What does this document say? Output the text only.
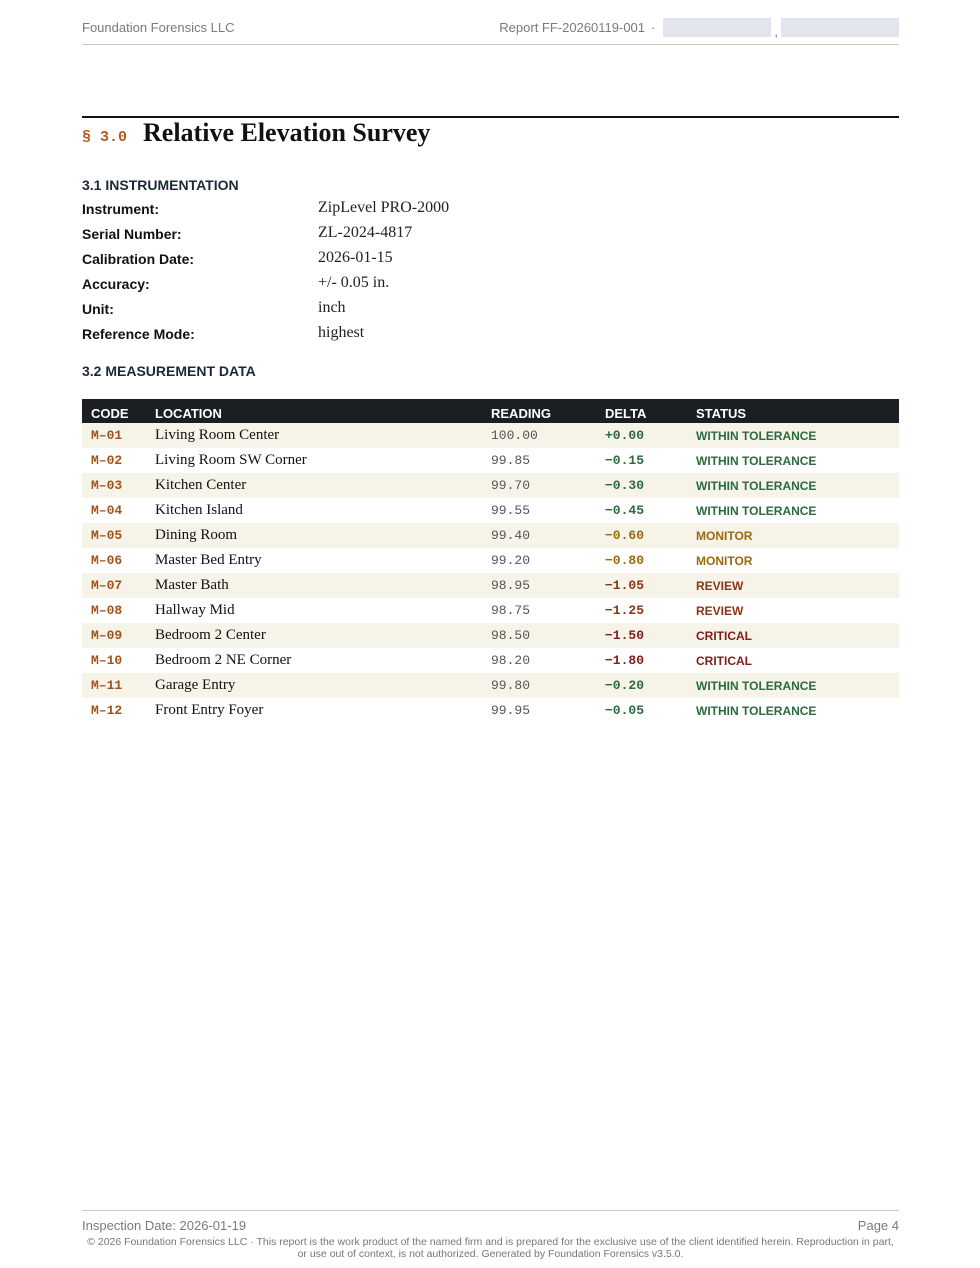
Foundation Forensics LLC	Report FF-20260119-001 ·	,
§ 3.0 Relative Elevation Survey
3.1 INSTRUMENTATION
Instrument:	ZipLevel PRO-2000
Serial Number:	ZL-2024-4817
Calibration Date:	2026-01-15
Accuracy:	+/- 0.05 in.
Unit:	inch
Reference Mode:	highest
3.2 MEASUREMENT DATA
CODE	LOCATION	READING	DELTA	STATUS
M–01	Living Room Center	100.00	+0.00	WITHIN TOLERANCE
M–02	Living Room SW Corner	99.85	−0.15	WITHIN TOLERANCE
M–03	Kitchen Center	99.70	−0.30	WITHIN TOLERANCE
M–04	Kitchen Island	99.55	−0.45	WITHIN TOLERANCE
M–05	Dining Room	99.40	−0.60	MONITOR
M–06	Master Bed Entry	99.20	−0.80	MONITOR
M–07	Master Bath	98.95	−1.05	REVIEW
M–08	Hallway Mid	98.75	−1.25	REVIEW
M–09	Bedroom 2 Center	98.50	−1.50	CRITICAL
M–10	Bedroom 2 NE Corner	98.20	−1.80	CRITICAL
M–11	Garage Entry	99.80	−0.20	WITHIN TOLERANCE
M–12	Front Entry Foyer	99.95	−0.05	WITHIN TOLERANCE
Inspection Date: 2026-01-19	Page 4
© 2026 Foundation Forensics LLC · This report is the work product of the named firm and is prepared for the exclusive use of the client identified herein. Reproduction in part, or use out of context, is not authorized. Generated by Foundation Forensics v3.5.0.
